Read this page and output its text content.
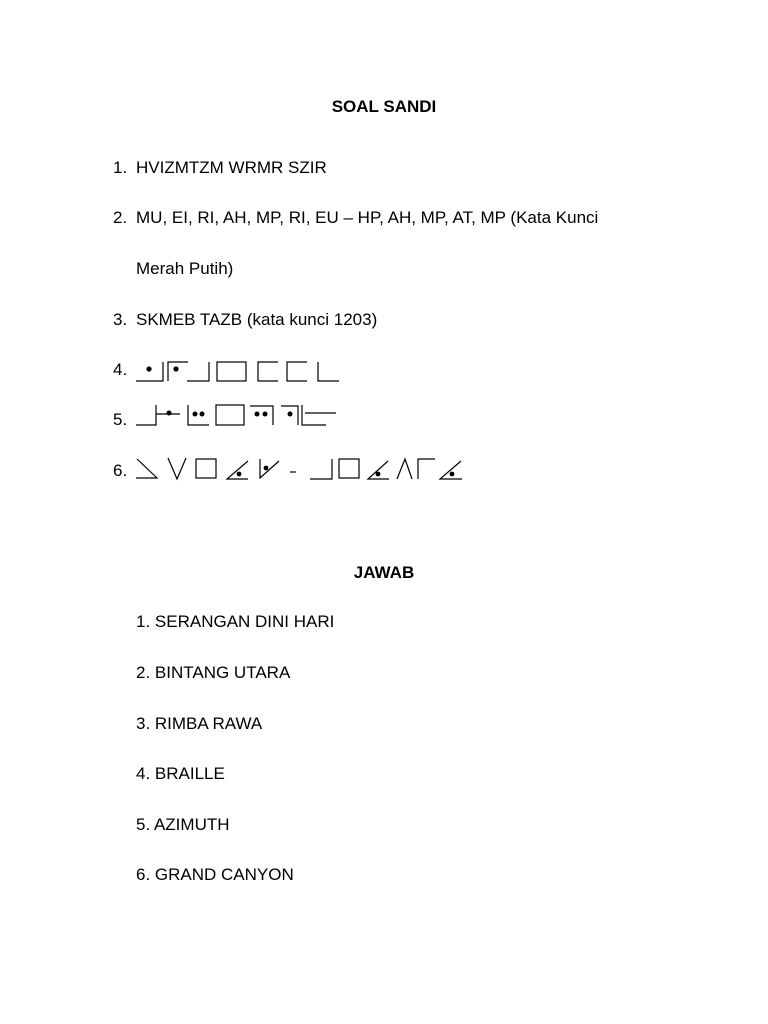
SOAL SANDI
1. HVIZMTZM WRMR SZIR
2. MU, EI, RI, AH, MP, RI, EU – HP, AH, MP, AT, MP (Kata Kunci
Merah Putih)
3. SKMEB TAZB (kata kunci 1203)
4.
5.
6.
JAWAB
1. SERANGAN DINI HARI
2. BINTANG UTARA
3. RIMBA RAWA
4. BRAILLE
5. AZIMUTH
6. GRAND CANYON
